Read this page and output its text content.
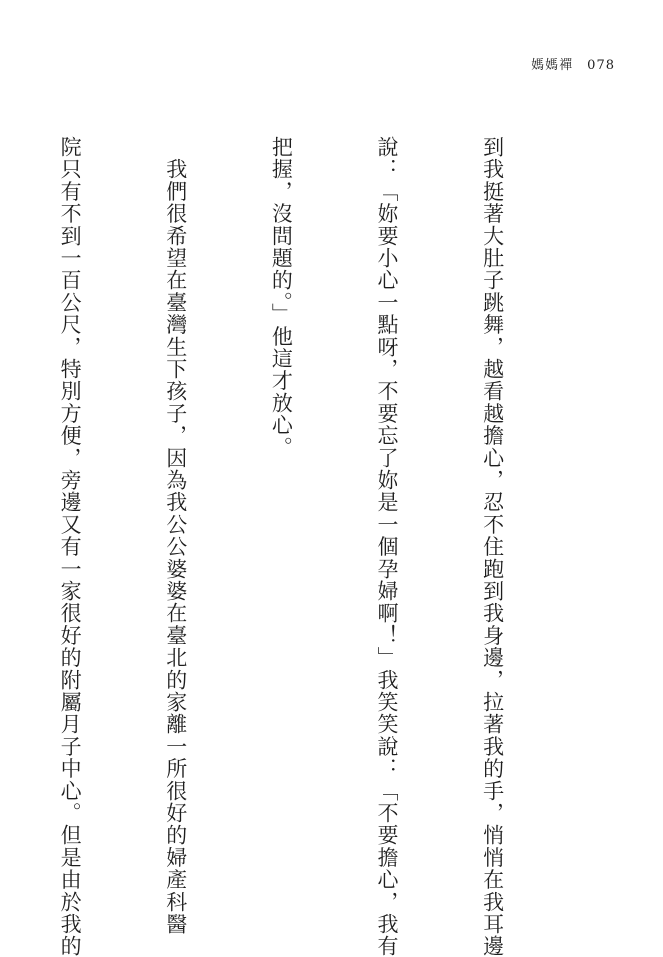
媽媽禪 078

到我挺著大肚子跳舞，越看越擔心，忍不住跑到我身邊，拉著我的手，悄悄在我耳邊

說：「妳要小心一點呀，不要忘了妳是一個孕婦啊！」我笑笑說：「不要擔心，我有

把握，沒問題的。」他這才放心。

　我們很希望在臺灣生下孩子，因為我公公婆婆在臺北的家離一所很好的婦產科醫

院只有不到一百公尺，特別方便，旁邊又有一家很好的附屬月子中心。但是由於我的
